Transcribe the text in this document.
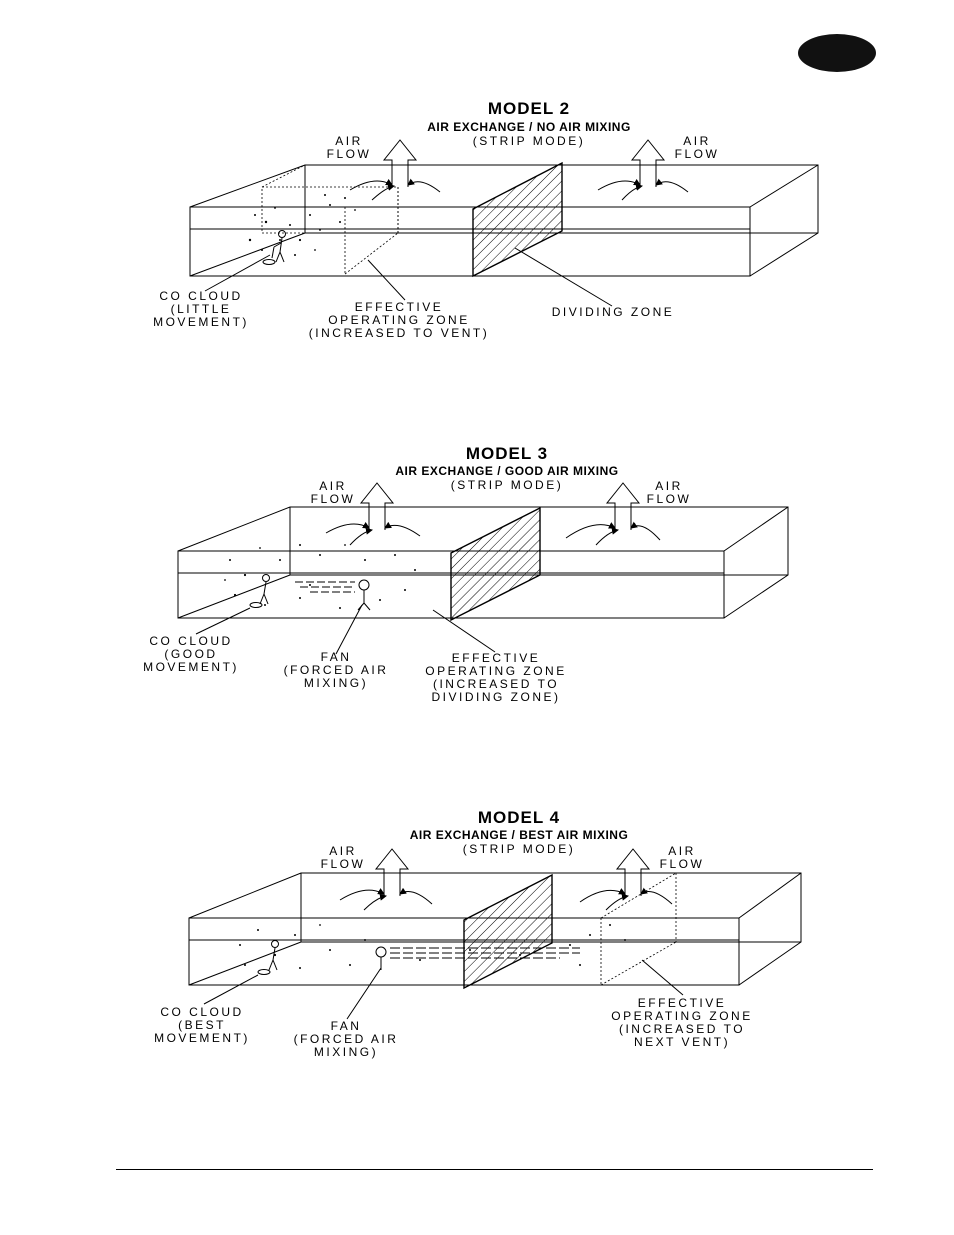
MODEL 2
AIR EXCHANGE / NO AIR MIXING
(STRIP MODE)
AIR
FLOW
AIR
FLOW
CO CLOUD
(LITTLE
MOVEMENT)
EFFECTIVE
OPERATING ZONE
(INCREASED TO VENT)
DIVIDING ZONE
MODEL 3
AIR EXCHANGE / GOOD AIR MIXING
(STRIP MODE)
AIR
FLOW
AIR
FLOW
CO CLOUD
(GOOD
MOVEMENT)
FAN
(FORCED AIR
MIXING)
EFFECTIVE
OPERATING ZONE
(INCREASED TO
DIVIDING ZONE)
MODEL 4
AIR EXCHANGE / BEST AIR MIXING
(STRIP MODE)
AIR
FLOW
AIR
FLOW
CO CLOUD
(BEST
MOVEMENT)
FAN
(FORCED AIR
MIXING)
EFFECTIVE
OPERATING ZONE
(INCREASED TO
NEXT VENT)
